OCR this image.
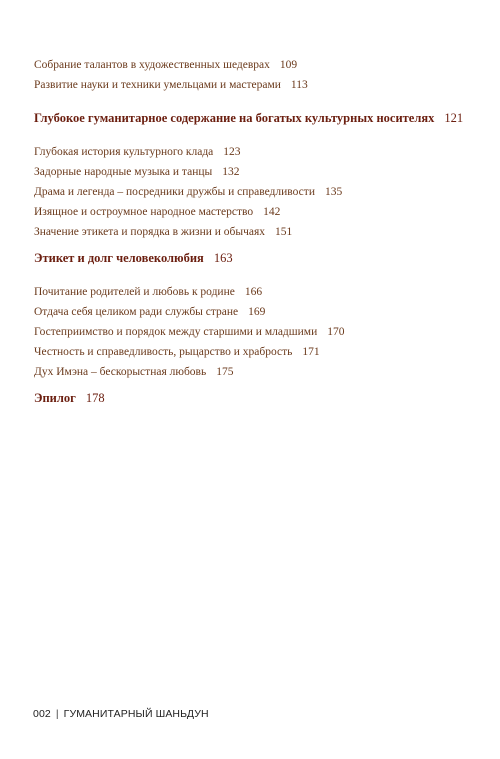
Собрание талантов в художественных шедеврах 109
Развитие науки и техники умельцами и мастерами 113
Глубокое гуманитарное содержание на богатых культурных носителях 121
Глубокая история культурного клада 123
Задорные народные музыка и танцы 132
Драма и легенда – посредники дружбы и справедливости 135
Изящное и остроумное народное мастерство 142
Значение этикета и порядка в жизни и обычаях 151
Этикет и долг человеколюбия 163
Почитание родителей и любовь к родине 166
Отдача себя целиком ради службы стране 169
Гостеприимство и порядок между старшими и младшими 170
Честность и справедливость, рыцарство и храбрость 171
Дух Имэна – бескорыстная любовь 175
Эпилог 178
002 | ГУМАНИТАРНЫЙ ШАНЬДУН
